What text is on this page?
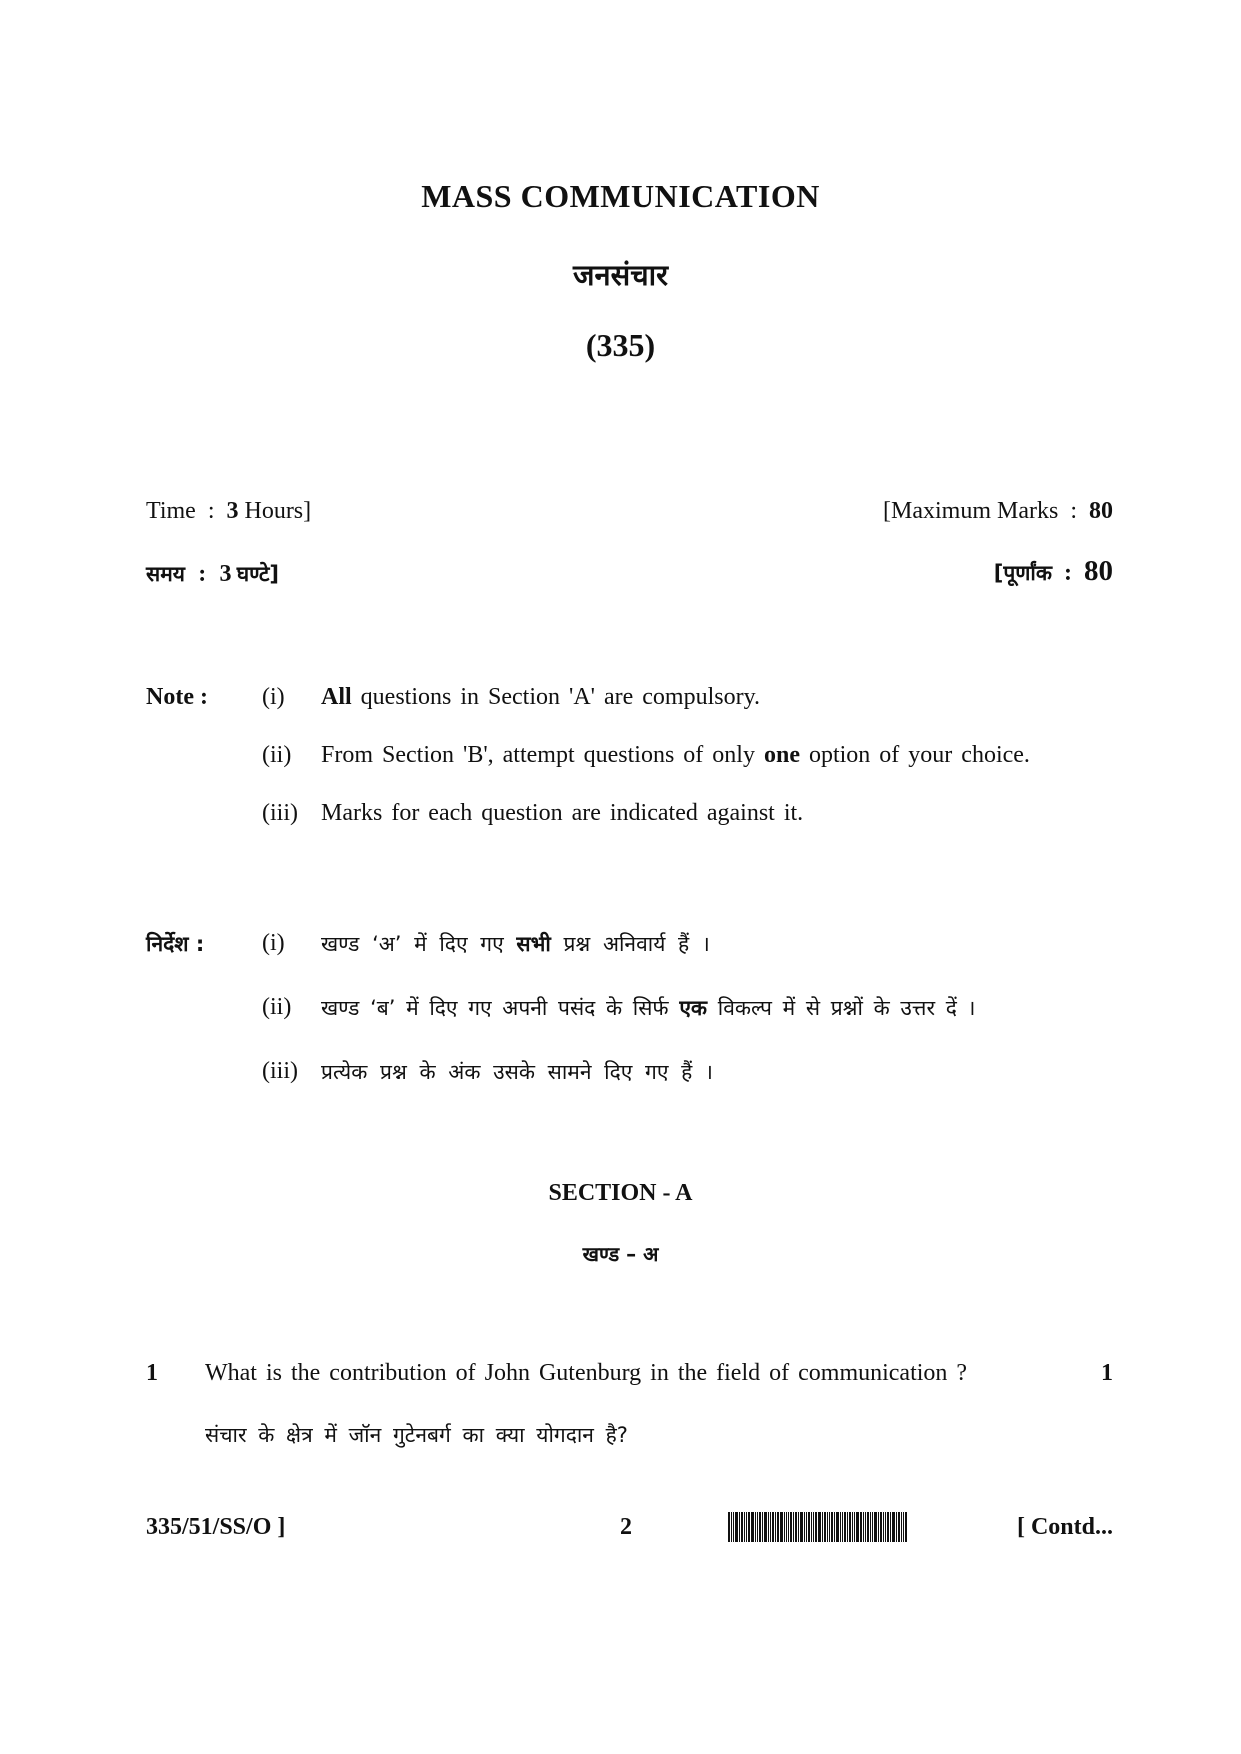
MASS COMMUNICATION
जनसंचार
(335)
Time : 3 Hours]	[Maximum Marks : 80
समय : 3 घण्टे]	[पूर्णांक : 80
Note : (i) All questions in Section 'A' are compulsory.
(ii) From Section 'B', attempt questions of only one option of your choice.
(iii) Marks for each question are indicated against it.
निर्देश : (i) खण्ड ‘अ’ में दिए गए सभी प्रश्न अनिवार्य हैं ।
(ii) खण्ड ‘ब’ में दिए गए अपनी पसंद के सिर्फ एक विकल्प में से प्रश्नों के उत्तर दें ।
(iii) प्रत्येक प्रश्न के अंक उसके सामने दिए गए हैं ।
SECTION - A
खण्ड – अ
1 What is the contribution of John Gutenburg in the field of communication ?	1
संचार के क्षेत्र में जॉन गुटेनबर्ग का क्या योगदान है?
335/51/SS/O ]	2	[ Contd...
